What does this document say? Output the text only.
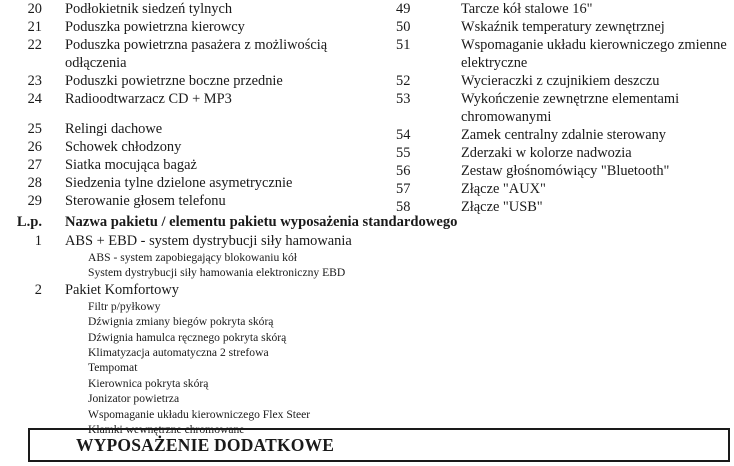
20	Podłokietnik siedzeń tylnych
21	Poduszka powietrzna kierowcy
22	Poduszka powietrzna pasażera z możliwością odłączenia
23	Poduszki powietrzne boczne przednie
24	Radioodtwarzacz CD + MP3
25	Relingi dachowe
26	Schowek chłodzony
27	Siatka mocująca bagaż
28	Siedzenia tylne dzielone asymetrycznie
29	Sterowanie głosem telefonu
49	Tarcze kół stalowe 16"
50	Wskaźnik temperatury zewnętrznej
51	Wspomaganie układu kierowniczego zmienne elektryczne
52	Wycieraczki z czujnikiem deszczu
53	Wykończenie zewnętrzne elementami chromowanymi
54	Zamek centralny zdalnie sterowany
55	Zderzaki w kolorze nadwozia
56	Zestaw głośnomówiący "Bluetooth"
57	Złącze "AUX"
58	Złącze "USB"
L.p.	Nazwa pakietu / elementu pakietu wyposażenia standardowego
1	ABS + EBD - system dystrybucji siły hamowania
ABS - system zapobiegający blokowaniu kół
System dystrybucji siły hamowania elektroniczny EBD
2	Pakiet Komfortowy
Filtr p/pyłkowy
Dźwignia zmiany biegów pokryta skórą
Dźwignia hamulca ręcznego pokryta skórą
Klimatyzacja automatyczna 2 strefowa
Tempomat
Kierownica pokryta skórą
Jonizator powietrza
Wspomaganie układu kierowniczego Flex Steer
Klamki wewnętrzne chromowane
WYPOSAŻENIE DODATKOWE
